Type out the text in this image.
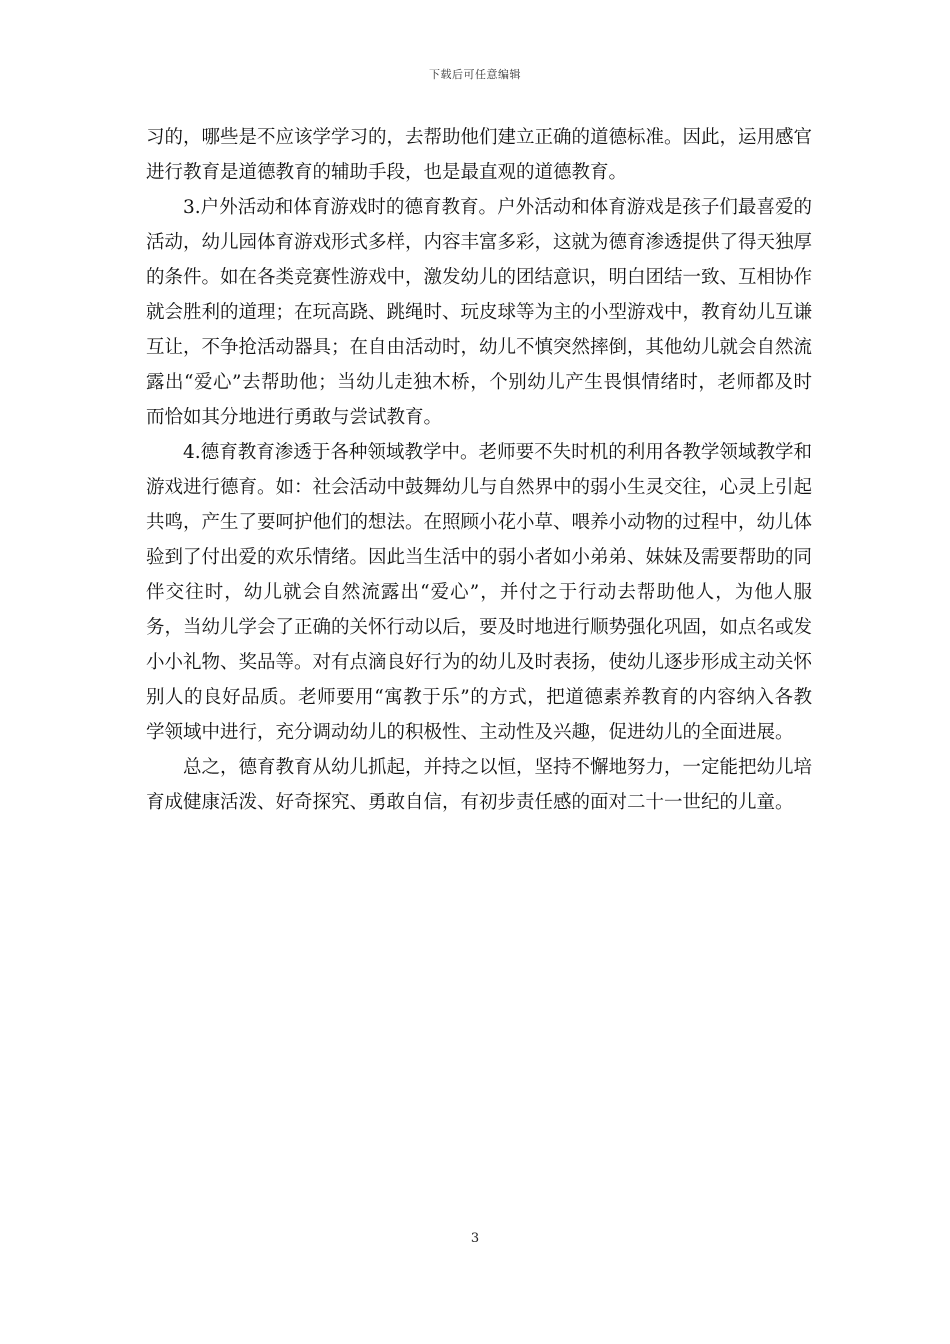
下载后可任意编辑

习的，哪些是不应该学学习的，去帮助他们建立正确的道德标准。因此，运用感官进行教育是道德教育的辅助手段，也是最直观的道德教育。

3.户外活动和体育游戏时的德育教育。户外活动和体育游戏是孩子们最喜爱的活动，幼儿园体育游戏形式多样，内容丰富多彩，这就为德育渗透提供了得天独厚的条件。如在各类竞赛性游戏中，激发幼儿的团结意识，明白团结一致、互相协作就会胜利的道理；在玩高跷、跳绳时、玩皮球等为主的小型游戏中，教育幼儿互谦互让，不争抢活动器具；在自由活动时，幼儿不慎突然摔倒，其他幼儿就会自然流露出“爱心”去帮助他；当幼儿走独木桥，个别幼儿产生畏惧情绪时，老师都及时而恰如其分地进行勇敢与尝试教育。

4.德育教育渗透于各种领域教学中。老师要不失时机的利用各教学领域教学和游戏进行德育。如：社会活动中鼓舞幼儿与自然界中的弱小生灵交往，心灵上引起共鸣，产生了要呵护他们的想法。在照顾小花小草、喂养小动物的过程中，幼儿体验到了付出爱的欢乐情绪。因此当生活中的弱小者如小弟弟、妹妹及需要帮助的同伴交往时，幼儿就会自然流露出“爱心”，并付之于行动去帮助他人，为他人服务，当幼儿学会了正确的关怀行动以后，要及时地进行顺势强化巩固，如点名或发小小礼物、奖品等。对有点滴良好行为的幼儿及时表扬，使幼儿逐步形成主动关怀别人的良好品质。老师要用“寓教于乐”的方式，把道德素养教育的内容纳入各教学领域中进行，充分调动幼儿的积极性、主动性及兴趣，促进幼儿的全面进展。

总之，德育教育从幼儿抓起，并持之以恒，坚持不懈地努力，一定能把幼儿培育成健康活泼、好奇探究、勇敢自信，有初步责任感的面对二十一世纪的儿童。

3
